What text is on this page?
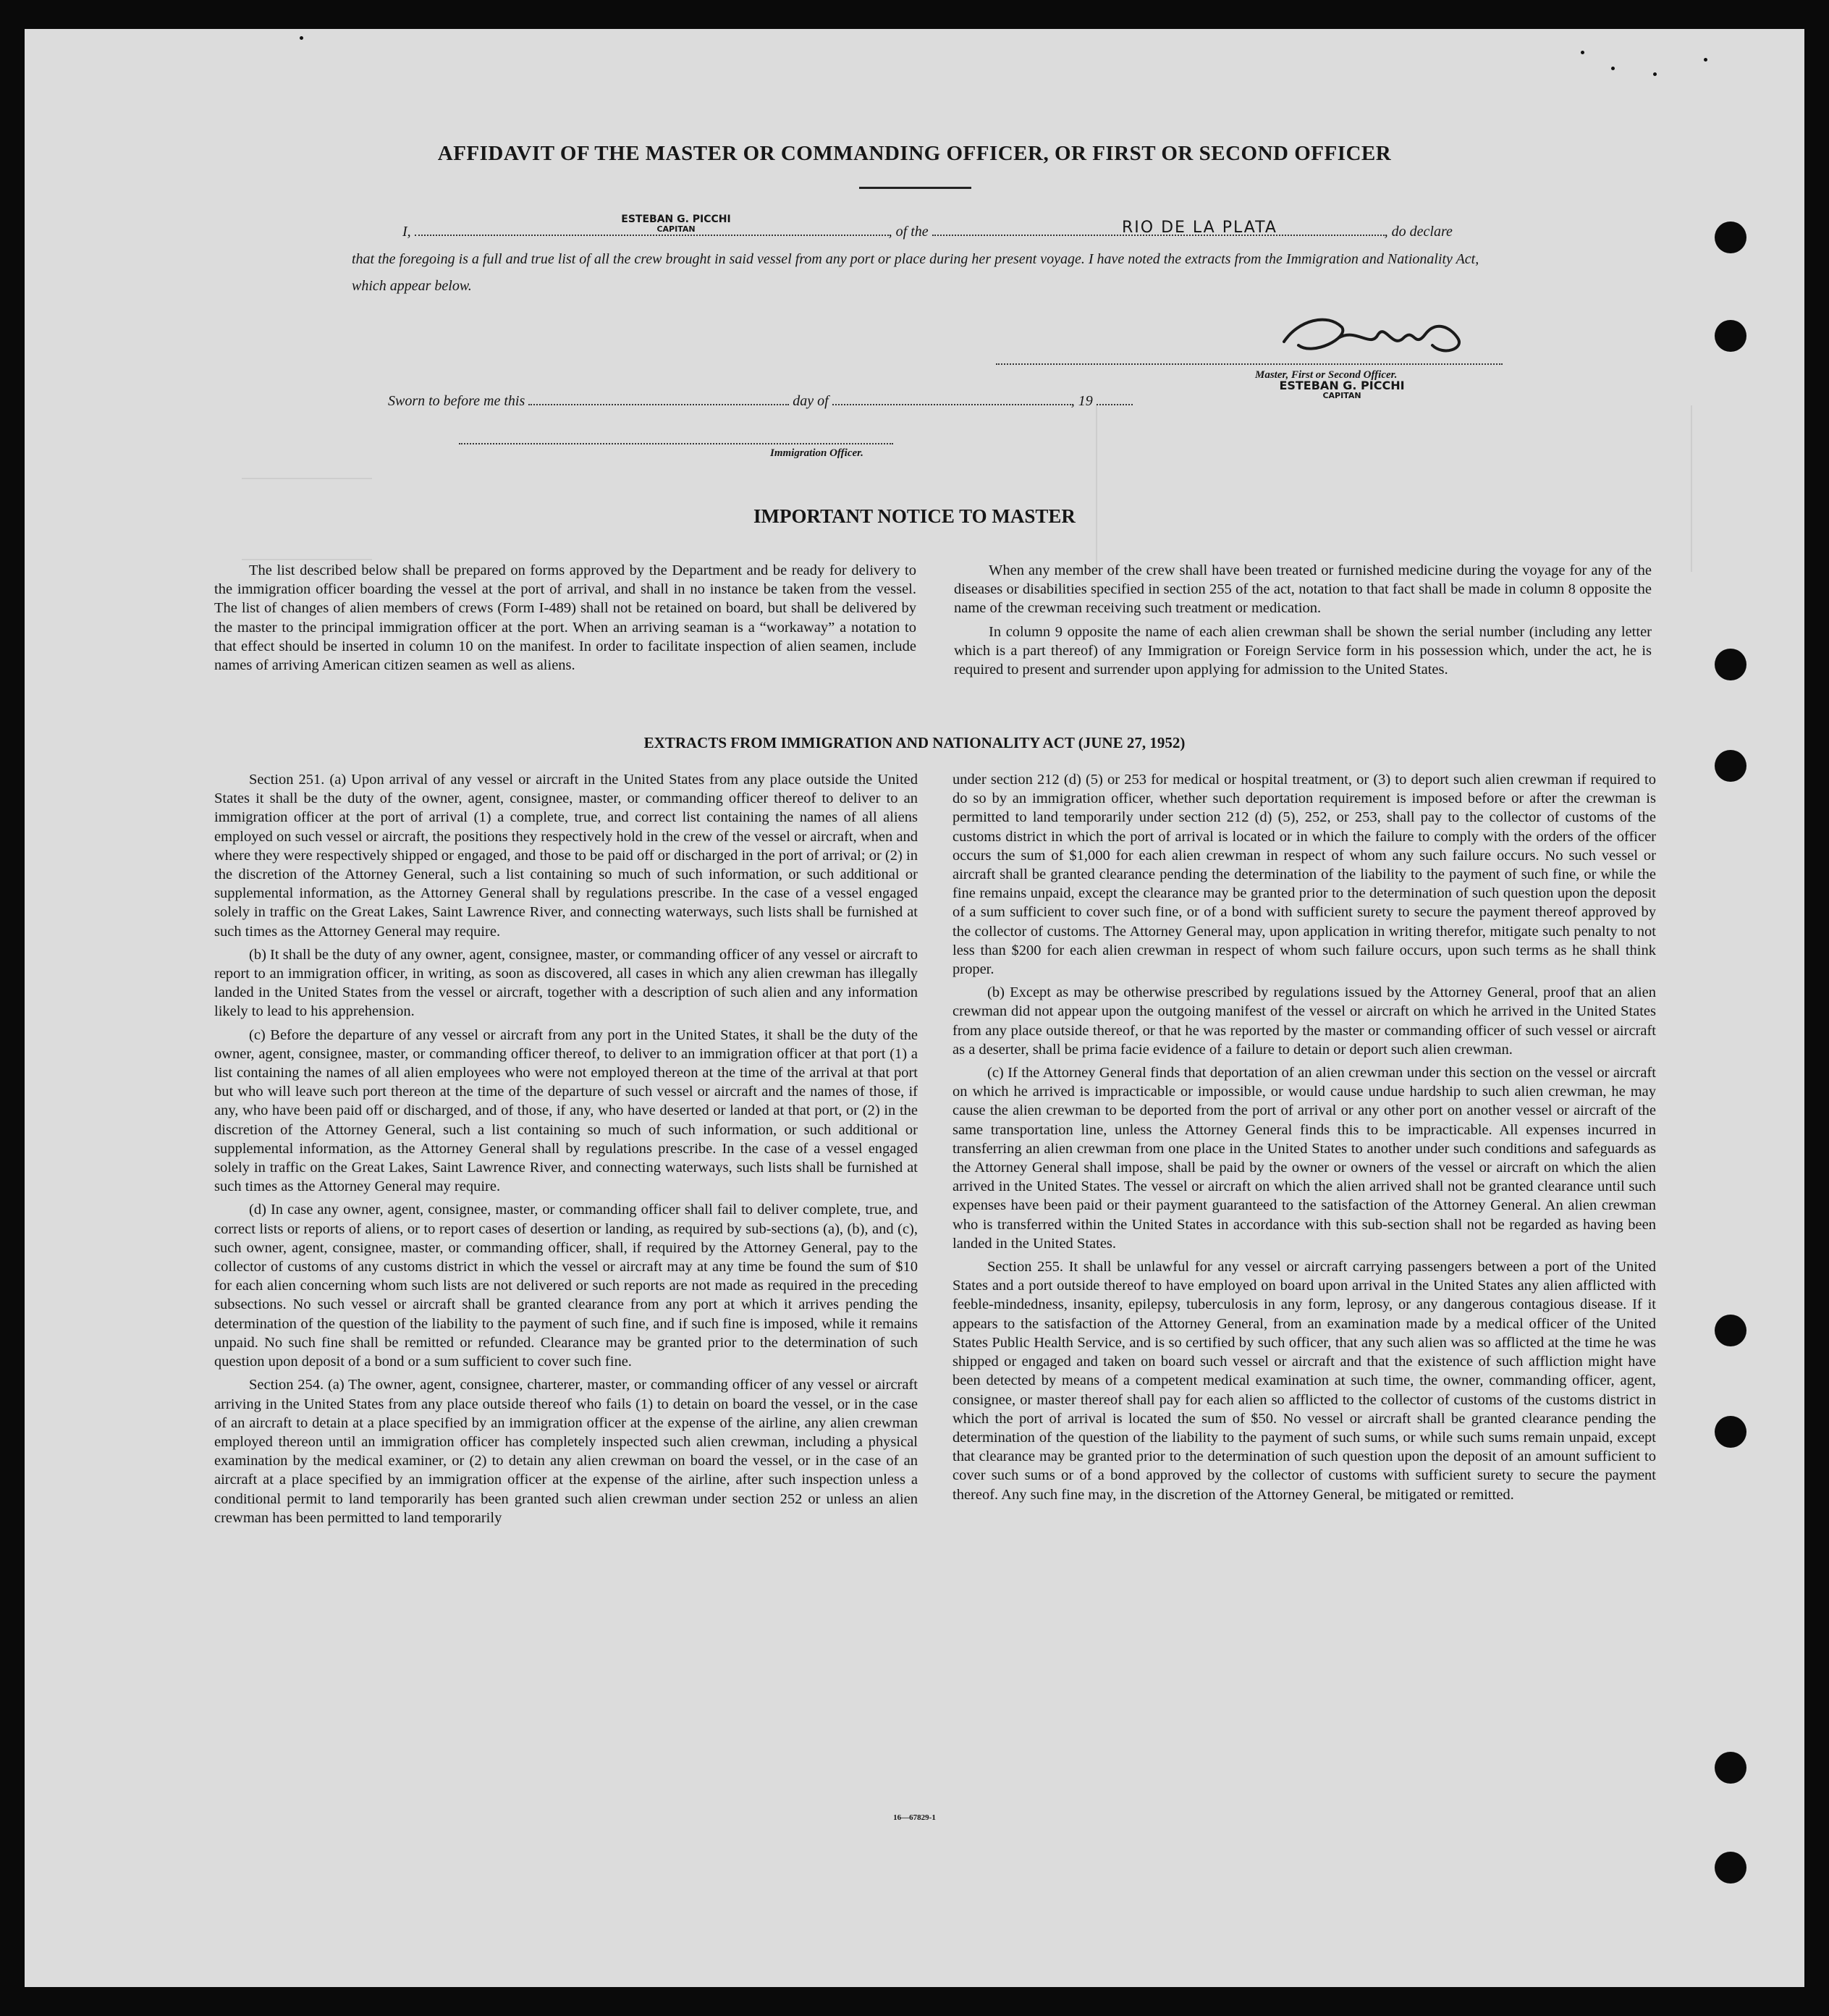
AFFIDAVIT OF THE MASTER OR COMMANDING OFFICER, OR FIRST OR SECOND OFFICER
I,	, of the	, do declare
ESTEBAN G. PICCHI
CAPITAN	RIO DE LA PLATA
that the foregoing is a full and true list of all the crew brought in said vessel from any port or place during her present voyage. I have noted the extracts from the Immigration and Nationality Act, which appear below.
Master, First or Second Officer.
ESTEBAN G. PICCHI
CAPITAN
Sworn to before me this	day of	, 19
Immigration Officer.
IMPORTANT NOTICE TO MASTER

The list described below shall be prepared on forms approved by the Department and be ready for delivery to the immigration officer boarding the vessel at the port of arrival, and shall in no instance be taken from the vessel. The list of changes of alien members of crews (Form I-489) shall not be retained on board, but shall be delivered by the master to the principal immigration officer at the port. When an arriving seaman is a “workaway” a notation to that effect should be inserted in column 10 on the manifest. In order to facilitate inspection of alien seamen, include names of arriving American citizen seamen as well as aliens.

When any member of the crew shall have been treated or furnished medicine during the voyage for any of the diseases or disabilities specified in section 255 of the act, notation to that fact shall be made in column 8 opposite the name of the crewman receiving such treatment or medication.

In column 9 opposite the name of each alien crewman shall be shown the serial number (including any letter which is a part thereof) of any Immigration or Foreign Service form in his possession which, under the act, he is required to present and surrender upon applying for admission to the United States.

EXTRACTS FROM IMMIGRATION AND NATIONALITY ACT (JUNE 27, 1952)

Section 251. (a) Upon arrival of any vessel or aircraft in the United States from any place outside the United States it shall be the duty of the owner, agent, consignee, master, or commanding officer thereof to deliver to an immigration officer at the port of arrival (1) a complete, true, and correct list containing the names of all aliens employed on such vessel or aircraft, the positions they respectively hold in the crew of the vessel or aircraft, when and where they were respectively shipped or engaged, and those to be paid off or discharged in the port of arrival; or (2) in the discretion of the Attorney General, such a list containing so much of such information, or such additional or supplemental information, as the Attorney General shall by regulations prescribe. In the case of a vessel engaged solely in traffic on the Great Lakes, Saint Lawrence River, and connecting waterways, such lists shall be furnished at such times as the Attorney General may require.

(b) It shall be the duty of any owner, agent, consignee, master, or commanding officer of any vessel or aircraft to report to an immigration officer, in writing, as soon as discovered, all cases in which any alien crewman has illegally landed in the United States from the vessel or aircraft, together with a description of such alien and any information likely to lead to his apprehension.

(c) Before the departure of any vessel or aircraft from any port in the United States, it shall be the duty of the owner, agent, consignee, master, or commanding officer thereof, to deliver to an immigration officer at that port (1) a list containing the names of all alien employees who were not employed thereon at the time of the arrival at that port but who will leave such port thereon at the time of the departure of such vessel or aircraft and the names of those, if any, who have been paid off or discharged, and of those, if any, who have deserted or landed at that port, or (2) in the discretion of the Attorney General, such a list containing so much of such information, or such additional or supplemental information, as the Attorney General shall by regulations prescribe. In the case of a vessel engaged solely in traffic on the Great Lakes, Saint Lawrence River, and connecting waterways, such lists shall be furnished at such times as the Attorney General may require.

(d) In case any owner, agent, consignee, master, or commanding officer shall fail to deliver complete, true, and correct lists or reports of aliens, or to report cases of desertion or landing, as required by sub-sections (a), (b), and (c), such owner, agent, consignee, master, or commanding officer, shall, if required by the Attorney General, pay to the collector of customs of any customs district in which the vessel or aircraft may at any time be found the sum of $10 for each alien concerning whom such lists are not delivered or such reports are not made as required in the preceding subsections. No such vessel or aircraft shall be granted clearance from any port at which it arrives pending the determination of the question of the liability to the payment of such fine, and if such fine is imposed, while it remains unpaid. No such fine shall be remitted or refunded. Clearance may be granted prior to the determination of such question upon deposit of a bond or a sum sufficient to cover such fine.

Section 254. (a) The owner, agent, consignee, charterer, master, or commanding officer of any vessel or aircraft arriving in the United States from any place outside thereof who fails (1) to detain on board the vessel, or in the case of an aircraft to detain at a place specified by an immigration officer at the expense of the airline, any alien crewman employed thereon until an immigration officer has completely inspected such alien crewman, including a physical examination by the medical examiner, or (2) to detain any alien crewman on board the vessel, or in the case of an aircraft at a place specified by an immigration officer at the expense of the airline, after such inspection unless a conditional permit to land temporarily has been granted such alien crewman under section 252 or unless an alien crewman has been permitted to land temporarily

under section 212 (d) (5) or 253 for medical or hospital treatment, or (3) to deport such alien crewman if required to do so by an immigration officer, whether such deportation requirement is imposed before or after the crewman is permitted to land temporarily under section 212 (d) (5), 252, or 253, shall pay to the collector of customs of the customs district in which the port of arrival is located or in which the failure to comply with the orders of the officer occurs the sum of $1,000 for each alien crewman in respect of whom any such failure occurs. No such vessel or aircraft shall be granted clearance pending the determination of the liability to the payment of such fine, or while the fine remains unpaid, except the clearance may be granted prior to the determination of such question upon the deposit of a sum sufficient to cover such fine, or of a bond with sufficient surety to secure the payment thereof approved by the collector of customs. The Attorney General may, upon application in writing therefor, mitigate such penalty to not less than $200 for each alien crewman in respect of whom such failure occurs, upon such terms as he shall think proper.

(b) Except as may be otherwise prescribed by regulations issued by the Attorney General, proof that an alien crewman did not appear upon the outgoing manifest of the vessel or aircraft on which he arrived in the United States from any place outside thereof, or that he was reported by the master or commanding officer of such vessel or aircraft as a deserter, shall be prima facie evidence of a failure to detain or deport such alien crewman.

(c) If the Attorney General finds that deportation of an alien crewman under this section on the vessel or aircraft on which he arrived is impracticable or impossible, or would cause undue hardship to such alien crewman, he may cause the alien crewman to be deported from the port of arrival or any other port on another vessel or aircraft of the same transportation line, unless the Attorney General finds this to be impracticable. All expenses incurred in transferring an alien crewman from one place in the United States to another under such conditions and safeguards as the Attorney General shall impose, shall be paid by the owner or owners of the vessel or aircraft on which the alien arrived in the United States. The vessel or aircraft on which the alien arrived shall not be granted clearance until such expenses have been paid or their payment guaranteed to the satisfaction of the Attorney General. An alien crewman who is transferred within the United States in accordance with this sub-section shall not be regarded as having been landed in the United States.

Section 255. It shall be unlawful for any vessel or aircraft carrying passengers between a port of the United States and a port outside thereof to have employed on board upon arrival in the United States any alien afflicted with feeble-mindedness, insanity, epilepsy, tuberculosis in any form, leprosy, or any dangerous contagious disease. If it appears to the satisfaction of the Attorney General, from an examination made by a medical officer of the United States Public Health Service, and is so certified by such officer, that any such alien was so afflicted at the time he was shipped or engaged and taken on board such vessel or aircraft and that the existence of such affliction might have been detected by means of a competent medical examination at such time, the owner, commanding officer, agent, consignee, or master thereof shall pay for each alien so afflicted to the collector of customs of the customs district in which the port of arrival is located the sum of $50. No vessel or aircraft shall be granted clearance pending the determination of the question of the liability to the payment of such sums, or while such sums remain unpaid, except that clearance may be granted prior to the determination of such question upon the deposit of an amount sufficient to cover such sums or of a bond approved by the collector of customs with sufficient surety to secure the payment thereof. Any such fine may, in the discretion of the Attorney General, be mitigated or remitted.

16—67829-1
